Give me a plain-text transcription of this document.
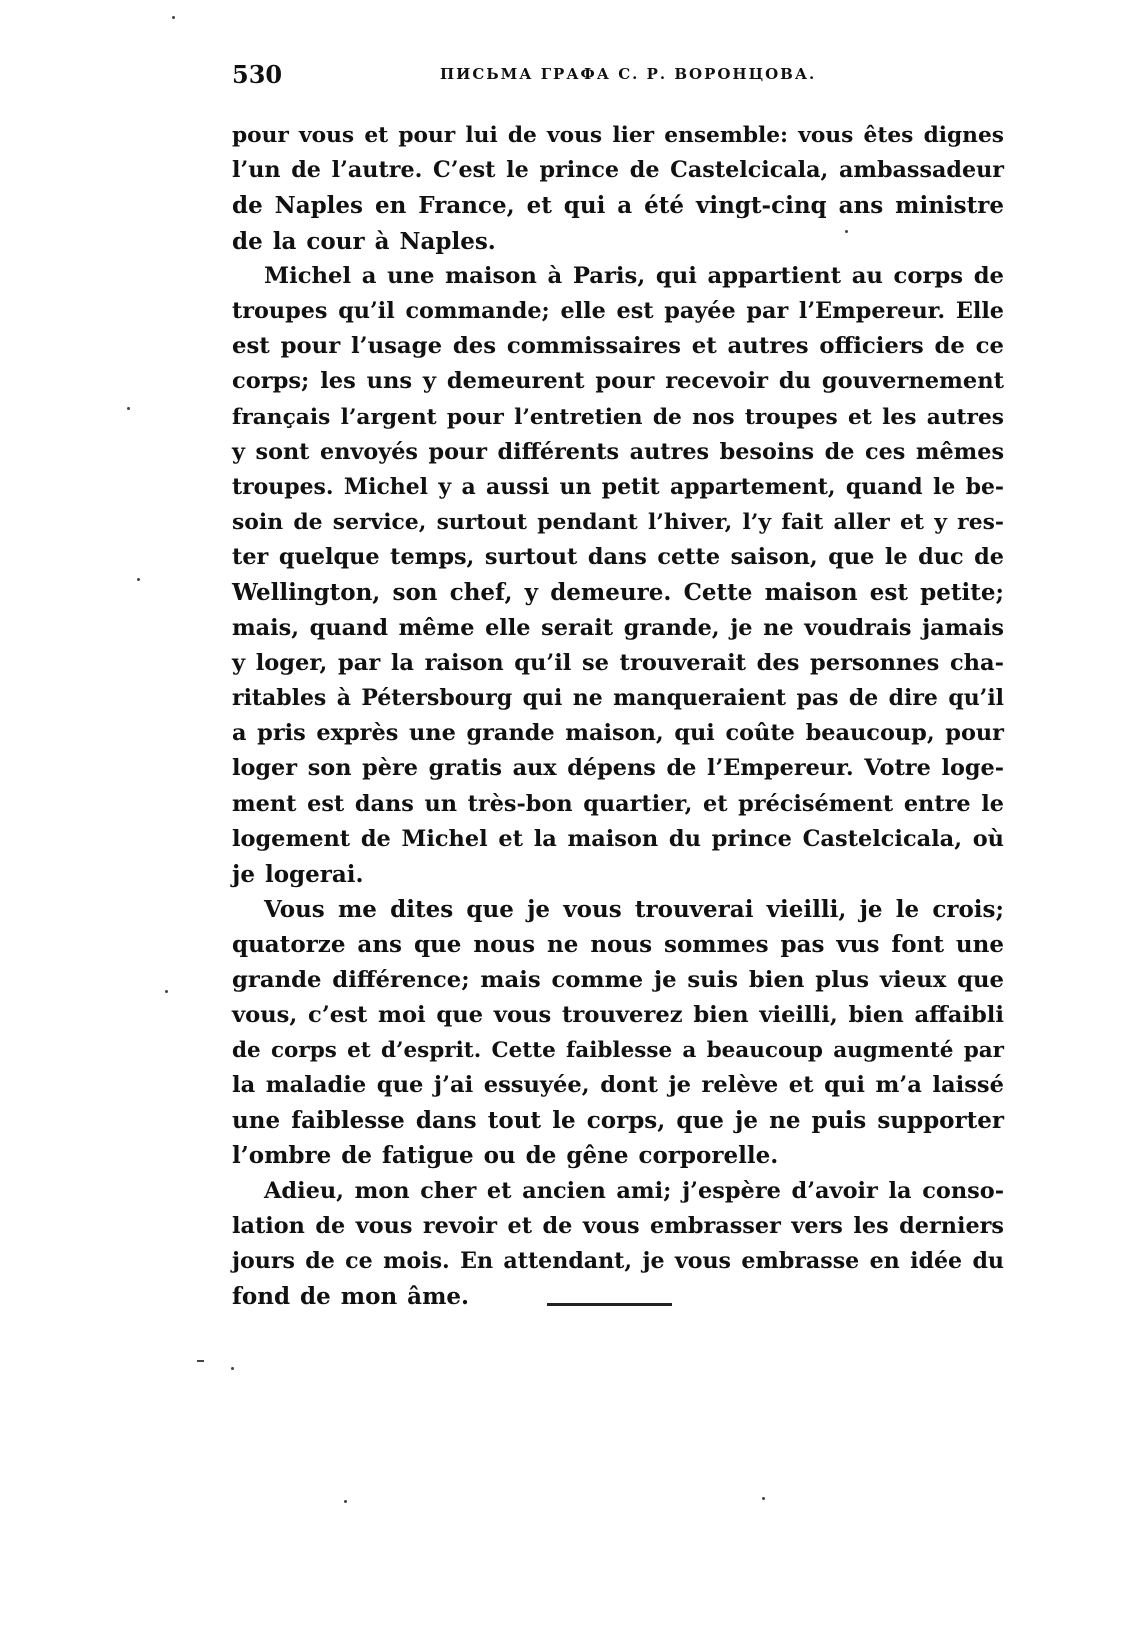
530	ПИСЬМА ГРАФА С. Р. ВОРОНЦОВА.
pour vous et pour lui de vous lier ensemble: vous êtes dignes
l’un de l’autre. C’est le prince de Castelcicala, ambassadeur
de Naples en France, et qui a été vingt-cinq ans ministre
de la cour à Naples.
Michel a une maison à Paris, qui appartient au corps de
troupes qu’il commande; elle est payée par l’Empereur. Elle
est pour l’usage des commissaires et autres officiers de ce
corps; les uns y demeurent pour recevoir du gouvernement
français l’argent pour l’entretien de nos troupes et les autres
y sont envoyés pour différents autres besoins de ces mêmes
troupes. Michel y a aussi un petit appartement, quand le be-
soin de service, surtout pendant l’hiver, l’y fait aller et y res-
ter quelque temps, surtout dans cette saison, que le duc de
Wellington, son chef, y demeure. Cette maison est petite;
mais, quand même elle serait grande, je ne voudrais jamais
y loger, par la raison qu’il se trouverait des personnes cha-
ritables à Pétersbourg qui ne manqueraient pas de dire qu’il
a pris exprès une grande maison, qui coûte beaucoup, pour
loger son père gratis aux dépens de l’Empereur. Votre loge-
ment est dans un très-bon quartier, et précisément entre le
logement de Michel et la maison du prince Castelcicala, où
je logerai.
Vous me dites que je vous trouverai vieilli, je le crois;
quatorze ans que nous ne nous sommes pas vus font une
grande différence; mais comme je suis bien plus vieux que
vous, c’est moi que vous trouverez bien vieilli, bien affaibli
de corps et d’esprit. Cette faiblesse a beaucoup augmenté par
la maladie que j’ai essuyée, dont je relève et qui m’a laissé
une faiblesse dans tout le corps, que je ne puis supporter
l’ombre de fatigue ou de gêne corporelle.
Adieu, mon cher et ancien ami; j’espère d’avoir la conso-
lation de vous revoir et de vous embrasser vers les derniers
jours de ce mois. En attendant, je vous embrasse en idée du
fond de mon âme.
